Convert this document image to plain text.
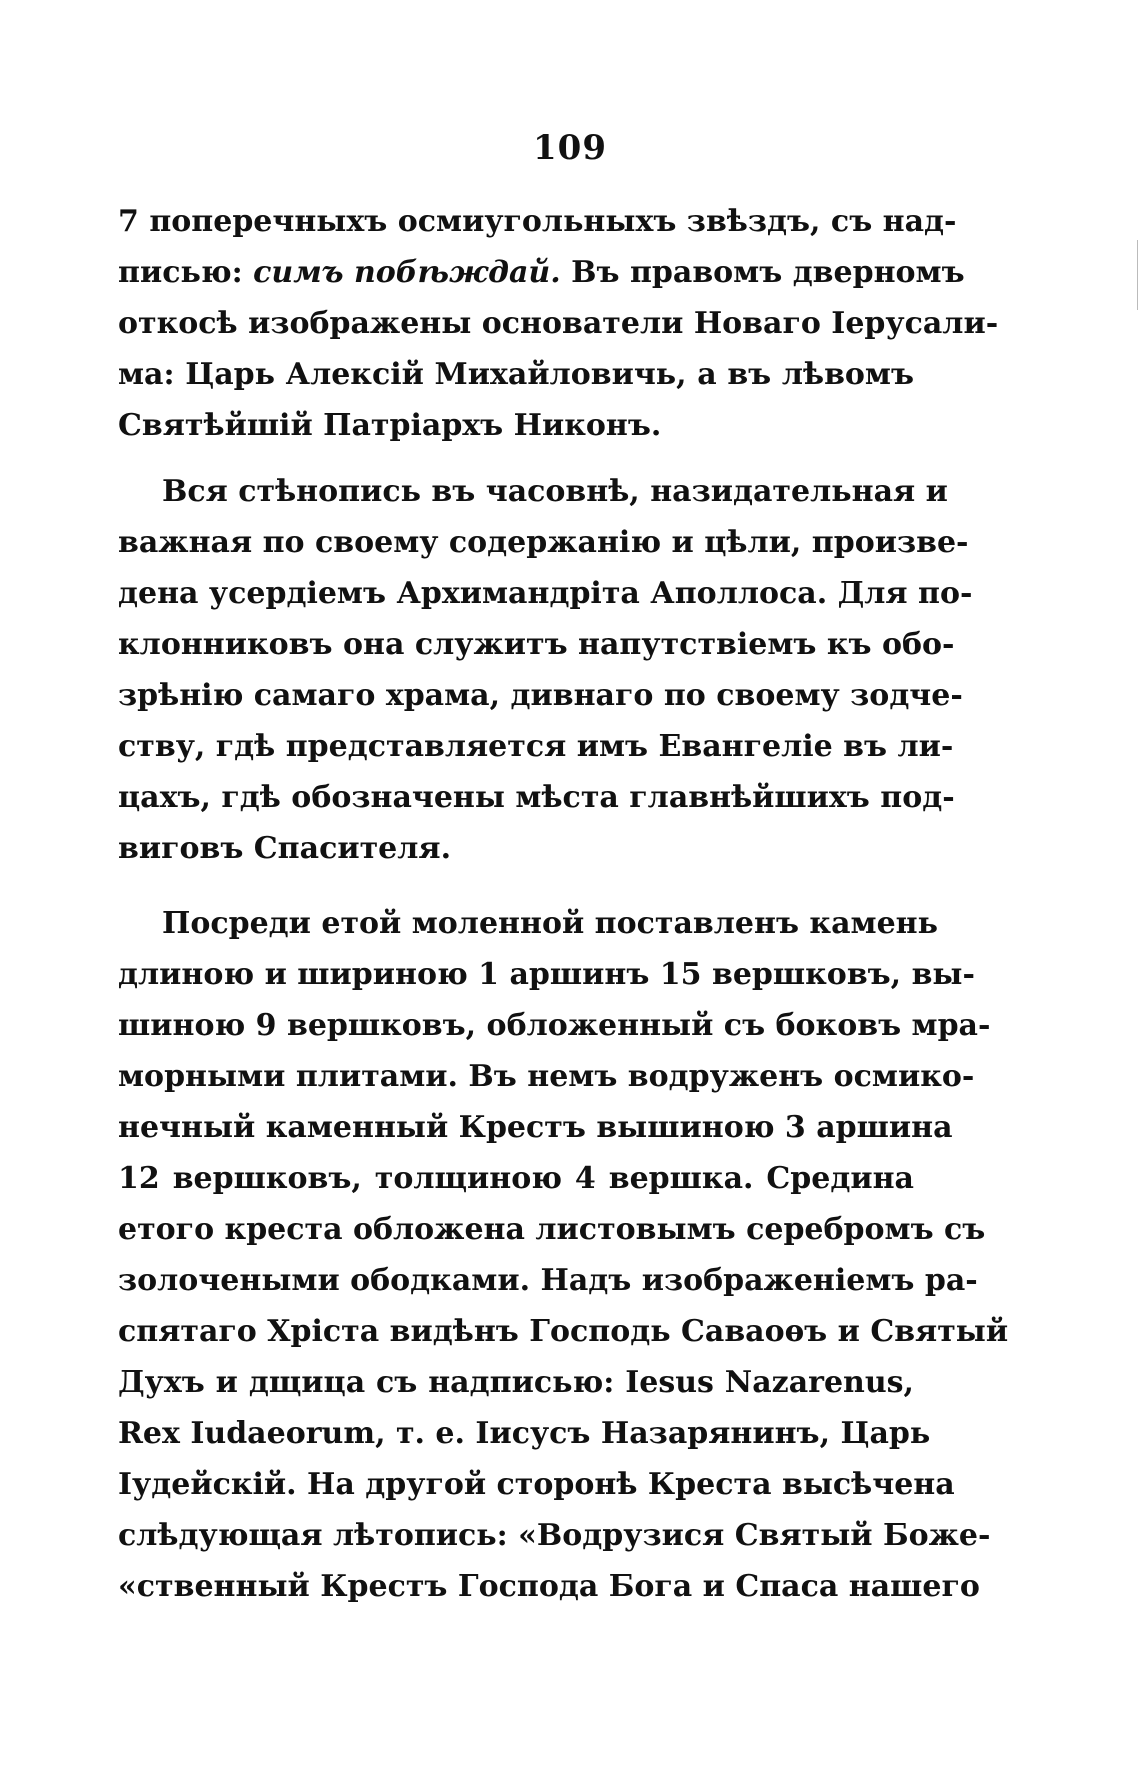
109
7 поперечныхъ осмиугольныхъ звѣздъ, съ над-
писью: симъ побѣждай. Въ правомъ дверномъ
откосѣ изображены основатели Новаго Іерусали-
ма: Царь Алексій Михайловичь, а въ лѣвомъ
Святѣйшій Патріархъ Никонъ.
Вся стѣнопись въ часовнѣ, назидательная и
важная по своему содержанію и цѣли, произве-
дена усердіемъ Архимандріта Аполлоса. Для по-
клонниковъ она служитъ напутствіемъ къ обо-
зрѣнію самаго храма, дивнаго по своему зодче-
ству, гдѣ представляется имъ Евангеліе въ ли-
цахъ, гдѣ обозначены мѣста главнѣйшихъ под-
виговъ Спасителя.
Посреди етой моленной поставленъ камень
длиною и шириною 1 аршинъ 15 вершковъ, вы-
шиною 9 вершковъ, обложенный съ боковъ мра-
морными плитами. Въ немъ водруженъ осмико-
нечный каменный Крестъ вышиною 3 аршина
12 вершковъ, толщиною 4 вершка. Средина
етого креста обложена листовымъ серебромъ съ
золочеными ободками. Надъ изображеніемъ ра-
спятаго Хріста видѣнъ Господь Саваоѳъ и Святый
Духъ и дщица съ надписью: Iesus Nazarenus,
Rex Iudaeorum, т. е. Іисусъ Назарянинъ, Царь
Іудейскій. На другой сторонѣ Креста высѣчена
слѣдующая лѣтопись: «Водрузися Святый Боже-
«ственный Крестъ Господа Бога и Спаса нашего
